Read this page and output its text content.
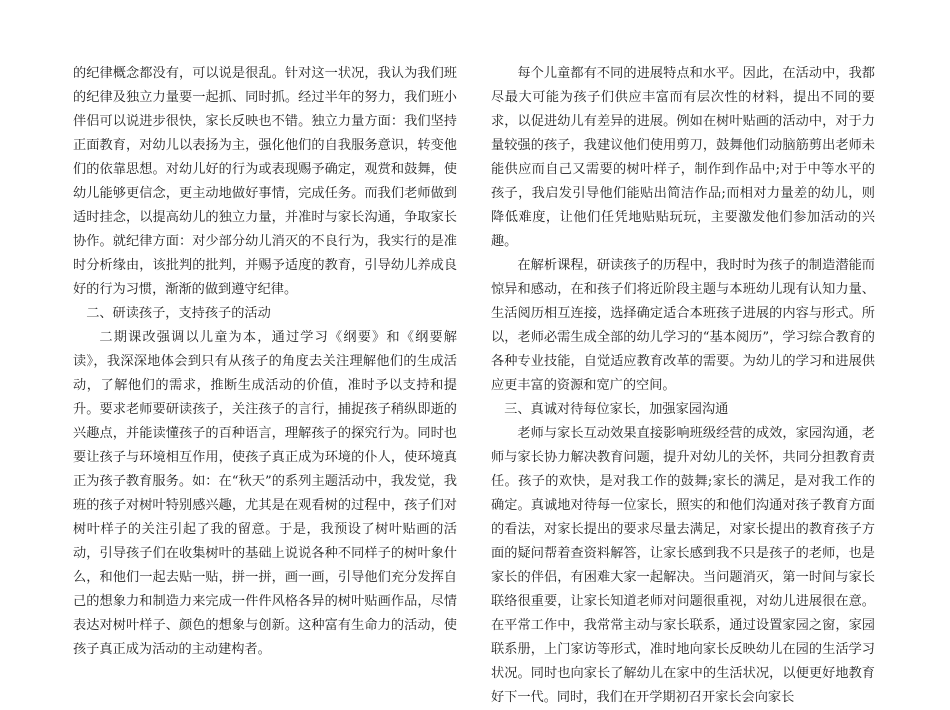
的纪律概念都没有，可以说是很乱。针对这一状况，我认为我们班的纪律及独立力量要一起抓、同时抓。经过半年的努力，我们班小伴侣可以说进步很快，家长反映也不错。独立力量方面：我们坚持正面教育，对幼儿以表扬为主，强化他们的自我服务意识，转变他们的依靠思想。对幼儿好的行为或表现赐予确定，观赏和鼓舞，使幼儿能够更信念，更主动地做好事情，完成任务。而我们老师做到适时挂念，以提高幼儿的独立力量，并准时与家长沟通，争取家长协作。就纪律方面：对少部分幼儿消灭的不良行为，我实行的是准时分析缘由，该批判的批判，并赐予适度的教育，引导幼儿养成良好的行为习惯，渐渐的做到遵守纪律。

二、研读孩子，支持孩子的活动

二期课改强调以儿童为本，通过学习《纲要》和《纲要解读》，我深深地体会到只有从孩子的角度去关注理解他们的生成活动，了解他们的需求，推断生成活动的价值，准时予以支持和提升。要求老师要研读孩子，关注孩子的言行，捕捉孩子稍纵即逝的兴趣点，并能读懂孩子的百种语言，理解孩子的探究行为。同时也要让孩子与环境相互作用，使孩子真正成为环境的仆人，使环境真正为孩子教育服务。如：在“秋天”的系列主题活动中，我发觉，我班的孩子对树叶特别感兴趣，尤其是在观看树的过程中，孩子们对树叶样子的关注引起了我的留意。于是，我预设了树叶贴画的活动，引导孩子们在收集树叶的基础上说说各种不同样子的树叶象什么，和他们一起去贴一贴，拼一拼，画一画，引导他们充分发挥自己的想象力和制造力来完成一件件风格各异的树叶贴画作品，尽情表达对树叶样子、颜色的想象与创新。这种富有生命力的活动，使孩子真正成为活动的主动建构者。

每个儿童都有不同的进展特点和水平。因此，在活动中，我都尽最大可能为孩子们供应丰富而有层次性的材料，提出不同的要求，以促进幼儿有差异的进展。例如在树叶贴画的活动中，对于力量较强的孩子，我建议他们使用剪刀，鼓舞他们动脑筋剪出老师未能供应而自己又需要的树叶样子，制作到作品中;对于中等水平的孩子，我启发引导他们能贴出简洁作品;而相对力量差的幼儿，则降低难度，让他们任凭地贴贴玩玩，主要激发他们参加活动的兴趣。

在解析课程，研读孩子的历程中，我时时为孩子的制造潜能而惊异和感动，在和孩子们将近阶段主题与本班幼儿现有认知力量、生活阅历相互连接，选择确定适合本班孩子进展的内容与形式。所以，老师必需生成全部的幼儿学习的“基本阅历”，学习综合教育的各种专业技能，自觉适应教育改革的需要。为幼儿的学习和进展供应更丰富的资源和宽广的空间。

三、真诚对待每位家长，加强家园沟通

老师与家长互动效果直接影响班级经营的成效，家园沟通，老师与家长协力解决教育问题，提升对幼儿的关怀，共同分担教育责任。孩子的欢快，是对我工作的鼓舞;家长的满足，是对我工作的确定。真诚地对待每一位家长，照实的和他们沟通对孩子教育方面的看法，对家长提出的要求尽量去满足，对家长提出的教育孩子方面的疑问帮着查资料解答，让家长感到我不只是孩子的老师，也是家长的伴侣，有困难大家一起解决。当问题消灭，第一时间与家长联络很重要，让家长知道老师对问题很重视，对幼儿进展很在意。在平常工作中，我常常主动与家长联系，通过设置家园之窗，家园联系册，上门家访等形式，准时地向家长反映幼儿在园的生活学习状况。同时也向家长了解幼儿在家中的生活状况，以便更好地教育好下一代。同时，我们在开学期初召开家长会向家长
